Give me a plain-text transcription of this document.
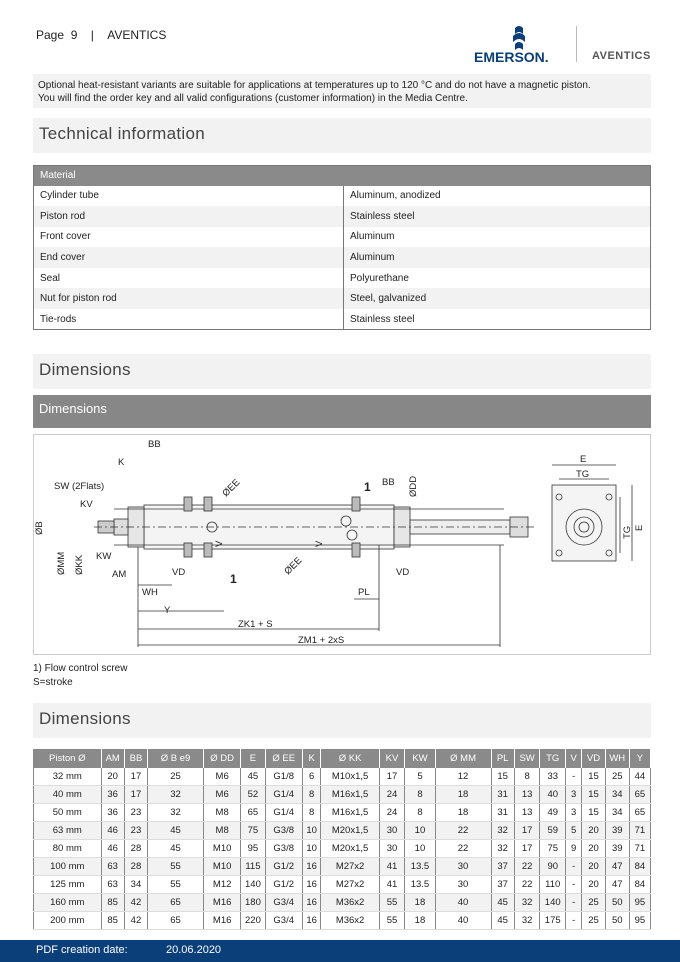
Page 9 | AVENTICS
EMERSON.	AVENTICS
Optional heat-resistant variants are suitable for applications at temperatures up to 120 °C and do not have a magnetic piston.
You will find the order key and all valid configurations (customer information) in the Media Centre.
Technical information
Material	
Cylinder tube	Aluminum, anodized
Piston rod	Stainless steel
Front cover	Aluminum
End cover	Aluminum
Seal	Polyurethane
Nut for piston rod	Steel, galvanized
Tie-rods	Stainless steel
Dimensions
Dimensions
BB
K
SW (2Flats)
KV
ØB
ØMM ØKK KW
AM
WH
VD
Y
1
ØEE
ØEE
V	V
1 BB ØDD
VD
PL
ZK1 + S
ZM1 + 2xS
E
TG
TG E
1) Flow control screw
S=stroke
Dimensions
Piston Ø	AM	BB	Ø B e9	Ø DD	E	Ø EE	K	Ø KK	KV	KW	Ø MM	PL	SW	TG	V	VD	WH	Y
32 mm	20	17	25	M6	45	G1/8	6	M10x1,5	17	5	12	15	8	33	-	15	25	44
40 mm	36	17	32	M6	52	G1/4	8	M16x1,5	24	8	18	31	13	40	3	15	34	65
50 mm	36	23	32	M8	65	G1/4	8	M16x1,5	24	8	18	31	13	49	3	15	34	65
63 mm	46	23	45	M8	75	G3/8	10	M20x1,5	30	10	22	32	17	59	5	20	39	71
80 mm	46	28	45	M10	95	G3/8	10	M20x1,5	30	10	22	32	17	75	9	20	39	71
100 mm	63	28	55	M10	115	G1/2	16	M27x2	41	13.5	30	37	22	90	-	20	47	84
125 mm	63	34	55	M12	140	G1/2	16	M27x2	41	13.5	30	37	22	110	-	20	47	84
160 mm	85	42	65	M16	180	G3/4	16	M36x2	55	18	40	45	32	140	-	25	50	95
200 mm	85	42	65	M16	220	G3/4	16	M36x2	55	18	40	45	32	175	-	25	50	95
PDF creation date:	20.06.2020
